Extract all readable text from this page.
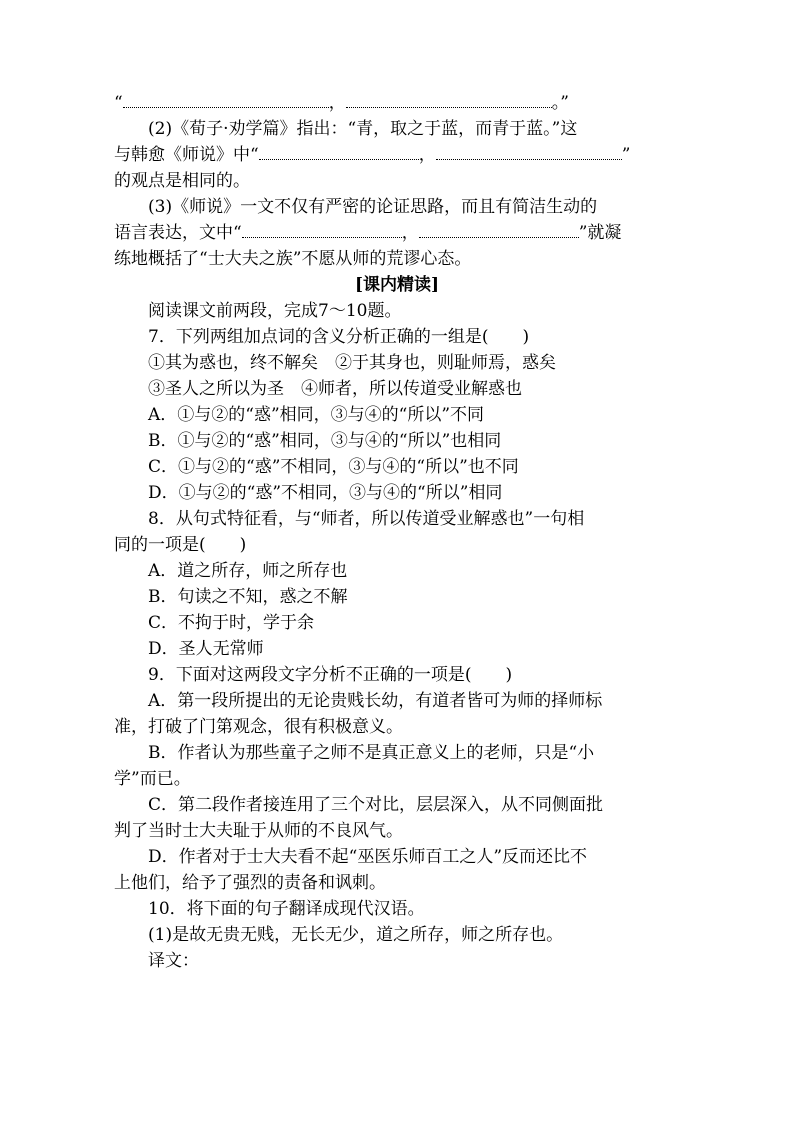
“	，	。”
(2)《荀子·劝学篇》指出：“青，取之于蓝，而青于蓝。”这
与韩愈《师说》中“	，	”
的观点是相同的。
(3)《师说》一文不仅有严密的论证思路，而且有简洁生动的
语言表达，文中“	，	”就凝
练地概括了“士大夫之族”不愿从师的荒谬心态。
[课内精读]
阅读课文前两段，完成7～10题。
7．下列两组加点词的含义分析正确的一组是(　　)
①其为惑也，终不解矣　②于其身也，则耻师焉，惑矣
③圣人之所以为圣　④师者，所以传道受业解惑也
A．①与②的“惑”相同，③与④的“所以”不同
B．①与②的“惑”相同，③与④的“所以”也相同
C．①与②的“惑”不相同，③与④的“所以”也不同
D．①与②的“惑”不相同，③与④的“所以”相同
8．从句式特征看，与“师者，所以传道受业解惑也”一句相
同的一项是(　　)
A．道之所存，师之所存也
B．句读之不知，惑之不解
C．不拘于时，学于余
D．圣人无常师
9．下面对这两段文字分析不正确的一项是(　　)
A．第一段所提出的无论贵贱长幼，有道者皆可为师的择师标
准，打破了门第观念，很有积极意义。
B．作者认为那些童子之师不是真正意义上的老师，只是“小
学”而已。
C．第二段作者接连用了三个对比，层层深入，从不同侧面批
判了当时士大夫耻于从师的不良风气。
D．作者对于士大夫看不起“巫医乐师百工之人”反而还比不
上他们，给予了强烈的责备和讽刺。
10．将下面的句子翻译成现代汉语。
(1)是故无贵无贱，无长无少，道之所存，师之所存也。
译文：
